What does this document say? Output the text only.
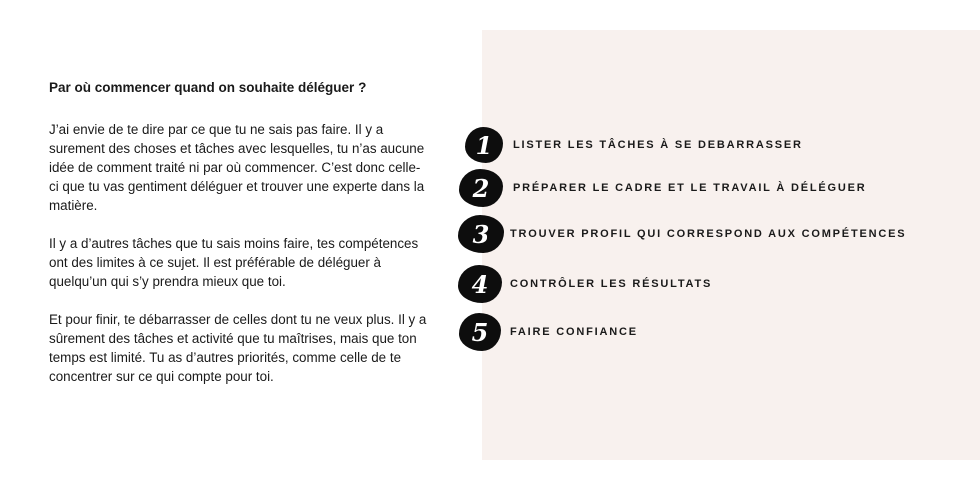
Par où commencer quand on souhaite déléguer ?

J’ai envie de te dire par ce que tu ne sais pas faire. Il y a surement des choses et tâches avec lesquelles, tu n’as aucune idée de comment traité ni par où commencer. C’est donc celle-ci que tu vas gentiment déléguer et trouver une experte dans la matière.

Il y a d’autres tâches que tu sais moins faire, tes compétences ont des limites à ce sujet. Il est préférable de déléguer à quelqu’un qui s’y prendra mieux que toi.

Et pour finir, te débarrasser de celles dont tu ne veux plus. Il y a sûrement des tâches et activité que tu maîtrises, mais que ton temps est limité. Tu as d’autres priorités, comme celle de te concentrer sur ce qui compte pour toi.

1	LISTER LES TÂCHES À SE DEBARRASSER
2	PRÉPARER LE CADRE ET LE TRAVAIL À DÉLÉGUER
3	TROUVER PROFIL QUI CORRESPOND AUX COMPÉTENCES
4	CONTRÔLER LES RÉSULTATS
5	FAIRE CONFIANCE
